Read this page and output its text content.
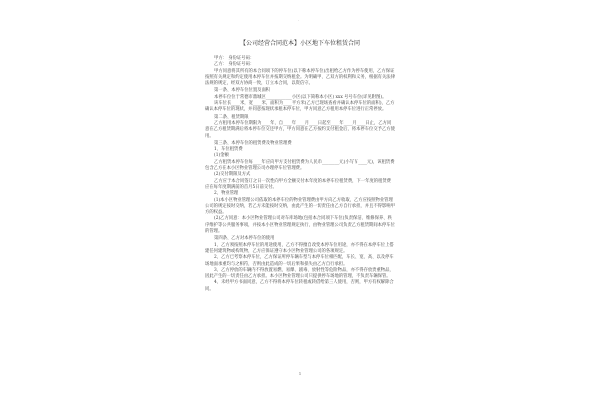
·
【公司经营合同范本】小区地下车位租赁合同

甲方： 身份证号码：

乙方： 身份证号码：

甲方同意将其所有的本合同项下的停车位(以下称本停车位)出租给乙方作为停车使用，乙方保证按照有关规定和约定使用本停车位并按期交纳租金。为明确甲、乙双方的权利和义务，根据有关法律法规的规定，经双方协商一致，订立本合同，以资信守。

第一条、本停车位位置及面积

本停车位位于常德市鼎城区____________小区(以下简称本小区) xxx 号号车位(详见附图)。

该车位长____米，宽____米，面积为____平方米(乙方已现场查看并确认本停车位的面积)，乙方确认本停车位的现状，并同意按现状承租本停车位，甲方同意乙方租用本停车位进行正常停放。

第二条、租赁期限

乙方租用本停车位期限为____年，自____年____月____日起至____年____月____日止，乙方同意在乙方租赁期满后将本停车位交还甲方，甲方同意在乙方按约支付租金后，将本停车位交予乙方使用。

第三条、本停车位的租赁费及物业管理费

1、车位租赁费

(1)金额

乙方租赁本停车位每____年应向甲方支付租赁费为人民币________元(小写￥____元)，该租赁费包含乙方在本小区物业管理公司办理停车位管理费。

(2)交付期限及方式

乙方应于本合同签订之日一次性向甲方全额交付本年度的本停车位租赁费，下一年度的租赁费应在每年度期满前的首月5日前交付。

2、物业管理

(1)本小区物业管理公司依取的本停车位的物业管理费由甲方向乙方收取，乙方应按照物业管理公司的规定按时交纳，若乙方未能按时交纳，由此产生的一切责任由乙方自行承担，并且不得影响甲方的权益。

(2)乙方同意：本小区物业管理公司对车库场地(包括本合同项下车位)负责保洁、维修保养、秩序维护等公共服务事项，并按本小区物业管理规定执行，由物业管理公司负责乙方租赁期间本停车位的管理。

第四条、乙方对本停车位的使用

1、乙方须按照本停车位的用途使用，乙方不得擅自改变本停车位用途，亦不得在本停车位上搭建任何建筑物或构筑物，乙方应保证遵守本小区物业管理公司的各项规定。

2、乙方已考察本停车位，乙方保证所停车辆车型与本停车位相匹配，车长、宽、高、以及停车场地面承重均与之相符，否则由此造成的一切后果和损失由乙方自行承担。

3、乙方停放的车辆内不得放置易燃、易爆、剧毒、放射性等危险物品，亦不得存放贵重物品，因此产生的一切责任由乙方承担。本小区物业管理公司只提供停车场地的管理，不负责车辆保管。

4、未经甲方书面同意，乙方不得将本停车位转租或转借给第三人使用，否则，甲方有权解除合同。

1
